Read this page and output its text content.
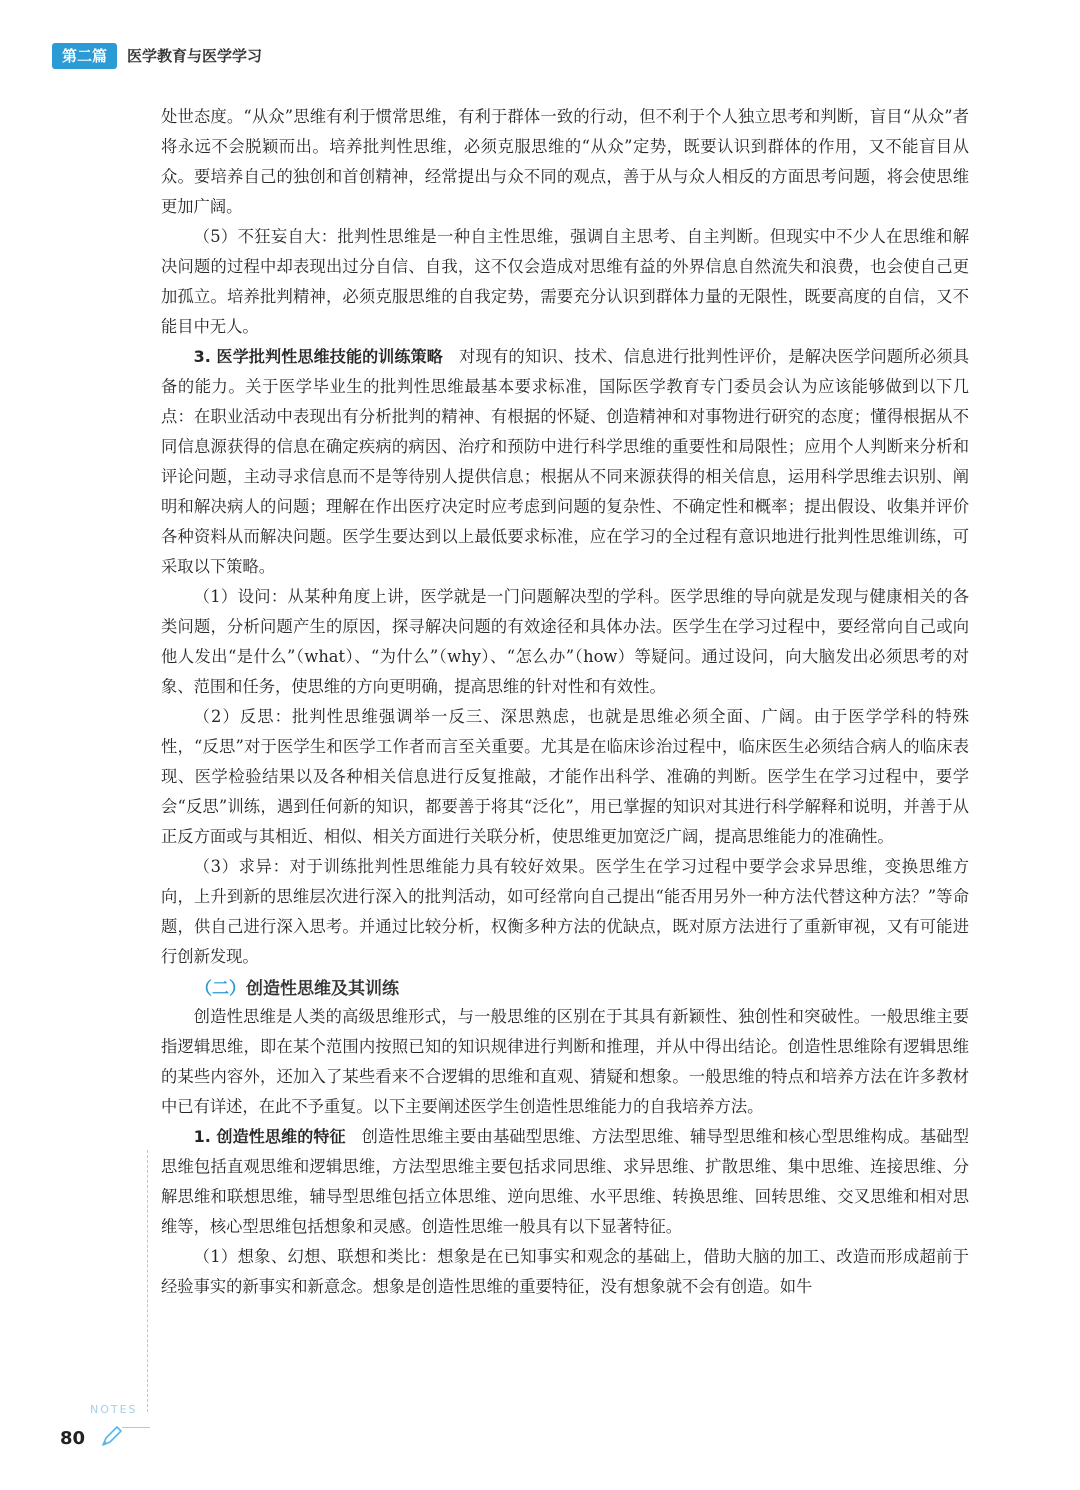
第二篇	医学教育与医学学习

处世态度。“从众”思维有利于惯常思维，有利于群体一致的行动，但不利于个人独立思考和判断，盲目“从众”者将永远不会脱颖而出。培养批判性思维，必须克服思维的“从众”定势，既要认识到群体的作用，又不能盲目从众。要培养自己的独创和首创精神，经常提出与众不同的观点，善于从与众人相反的方面思考问题，将会使思维更加广阔。

（5）不狂妄自大：批判性思维是一种自主性思维，强调自主思考、自主判断。但现实中不少人在思维和解决问题的过程中却表现出过分自信、自我，这不仅会造成对思维有益的外界信息自然流失和浪费，也会使自己更加孤立。培养批判精神，必须克服思维的自我定势，需要充分认识到群体力量的无限性，既要高度的自信，又不能目中无人。

3. 医学批判性思维技能的训练策略 对现有的知识、技术、信息进行批判性评价，是解决医学问题所必须具备的能力。关于医学毕业生的批判性思维最基本要求标准，国际医学教育专门委员会认为应该能够做到以下几点：在职业活动中表现出有分析批判的精神、有根据的怀疑、创造精神和对事物进行研究的态度；懂得根据从不同信息源获得的信息在确定疾病的病因、治疗和预防中进行科学思维的重要性和局限性；应用个人判断来分析和评论问题，主动寻求信息而不是等待别人提供信息；根据从不同来源获得的相关信息，运用科学思维去识别、阐明和解决病人的问题；理解在作出医疗决定时应考虑到问题的复杂性、不确定性和概率；提出假设、收集并评价各种资料从而解决问题。医学生要达到以上最低要求标准，应在学习的全过程有意识地进行批判性思维训练，可采取以下策略。

（1）设问：从某种角度上讲，医学就是一门问题解决型的学科。医学思维的导向就是发现与健康相关的各类问题，分析问题产生的原因，探寻解决问题的有效途径和具体办法。医学生在学习过程中，要经常向自己或向他人发出“是什么”（what）、“为什么”（why）、“怎么办”（how）等疑问。通过设问，向大脑发出必须思考的对象、范围和任务，使思维的方向更明确，提高思维的针对性和有效性。

（2）反思：批判性思维强调举一反三、深思熟虑，也就是思维必须全面、广阔。由于医学学科的特殊性，“反思”对于医学生和医学工作者而言至关重要。尤其是在临床诊治过程中，临床医生必须结合病人的临床表现、医学检验结果以及各种相关信息进行反复推敲，才能作出科学、准确的判断。医学生在学习过程中，要学会“反思”训练，遇到任何新的知识，都要善于将其“泛化”，用已掌握的知识对其进行科学解释和说明，并善于从正反方面或与其相近、相似、相关方面进行关联分析，使思维更加宽泛广阔，提高思维能力的准确性。

（3）求异：对于训练批判性思维能力具有较好效果。医学生在学习过程中要学会求异思维，变换思维方向，上升到新的思维层次进行深入的批判活动，如可经常向自己提出“能否用另外一种方法代替这种方法？”等命题，供自己进行深入思考。并通过比较分析，权衡多种方法的优缺点，既对原方法进行了重新审视，又有可能进行创新发现。

（二）创造性思维及其训练

创造性思维是人类的高级思维形式，与一般思维的区别在于其具有新颖性、独创性和突破性。一般思维主要指逻辑思维，即在某个范围内按照已知的知识规律进行判断和推理，并从中得出结论。创造性思维除有逻辑思维的某些内容外，还加入了某些看来不合逻辑的思维和直观、猜疑和想象。一般思维的特点和培养方法在许多教材中已有详述，在此不予重复。以下主要阐述医学生创造性思维能力的自我培养方法。

1. 创造性思维的特征 创造性思维主要由基础型思维、方法型思维、辅导型思维和核心型思维构成。基础型思维包括直观思维和逻辑思维，方法型思维主要包括求同思维、求异思维、扩散思维、集中思维、连接思维、分解思维和联想思维，辅导型思维包括立体思维、逆向思维、水平思维、转换思维、回转思维、交叉思维和相对思维等，核心型思维包括想象和灵感。创造性思维一般具有以下显著特征。

（1）想象、幻想、联想和类比：想象是在已知事实和观念的基础上，借助大脑的加工、改造而形成超前于经验事实的新事实和新意念。想象是创造性思维的重要特征，没有想象就不会有创造。如牛

NOTES
80
